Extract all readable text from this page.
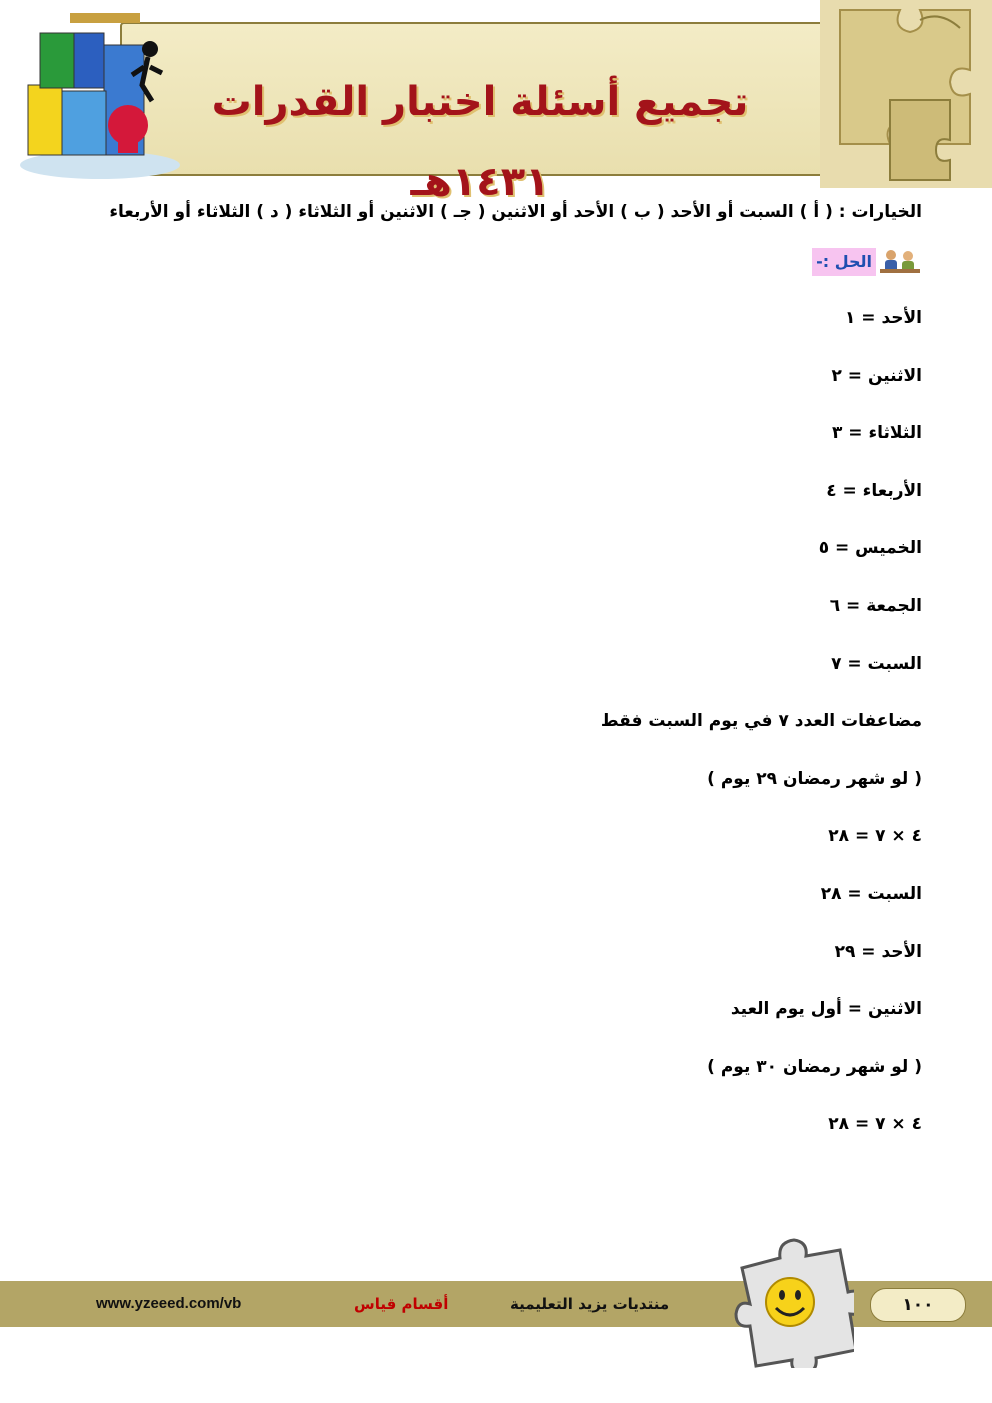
تجميع أسئلة اختبار القدرات ١٤٣١هـ

الخيارات : ( أ ) السبت أو الأحد ( ب ) الأحد أو الاثنين ( جـ ) الاثنين أو الثلاثاء ( د ) الثلاثاء أو الأربعاء

الحل :-

الأحد = ١

الاثنين = ٢

الثلاثاء = ٣

الأربعاء = ٤

الخميس = ٥

الجمعة = ٦

السبت = ٧

مضاعفات العدد ٧ في يوم السبت فقط

( لو شهر رمضان ٢٩ يوم )

٤ × ٧ = ٢٨

السبت = ٢٨

الأحد = ٢٩

الاثنين = أول يوم العيد

( لو شهر رمضان ٣٠ يوم )

٤ × ٧ = ٢٨

www.yzeeed.com/vb	أقسام قياس	منتديات يزيد التعليمية	١٠٠
